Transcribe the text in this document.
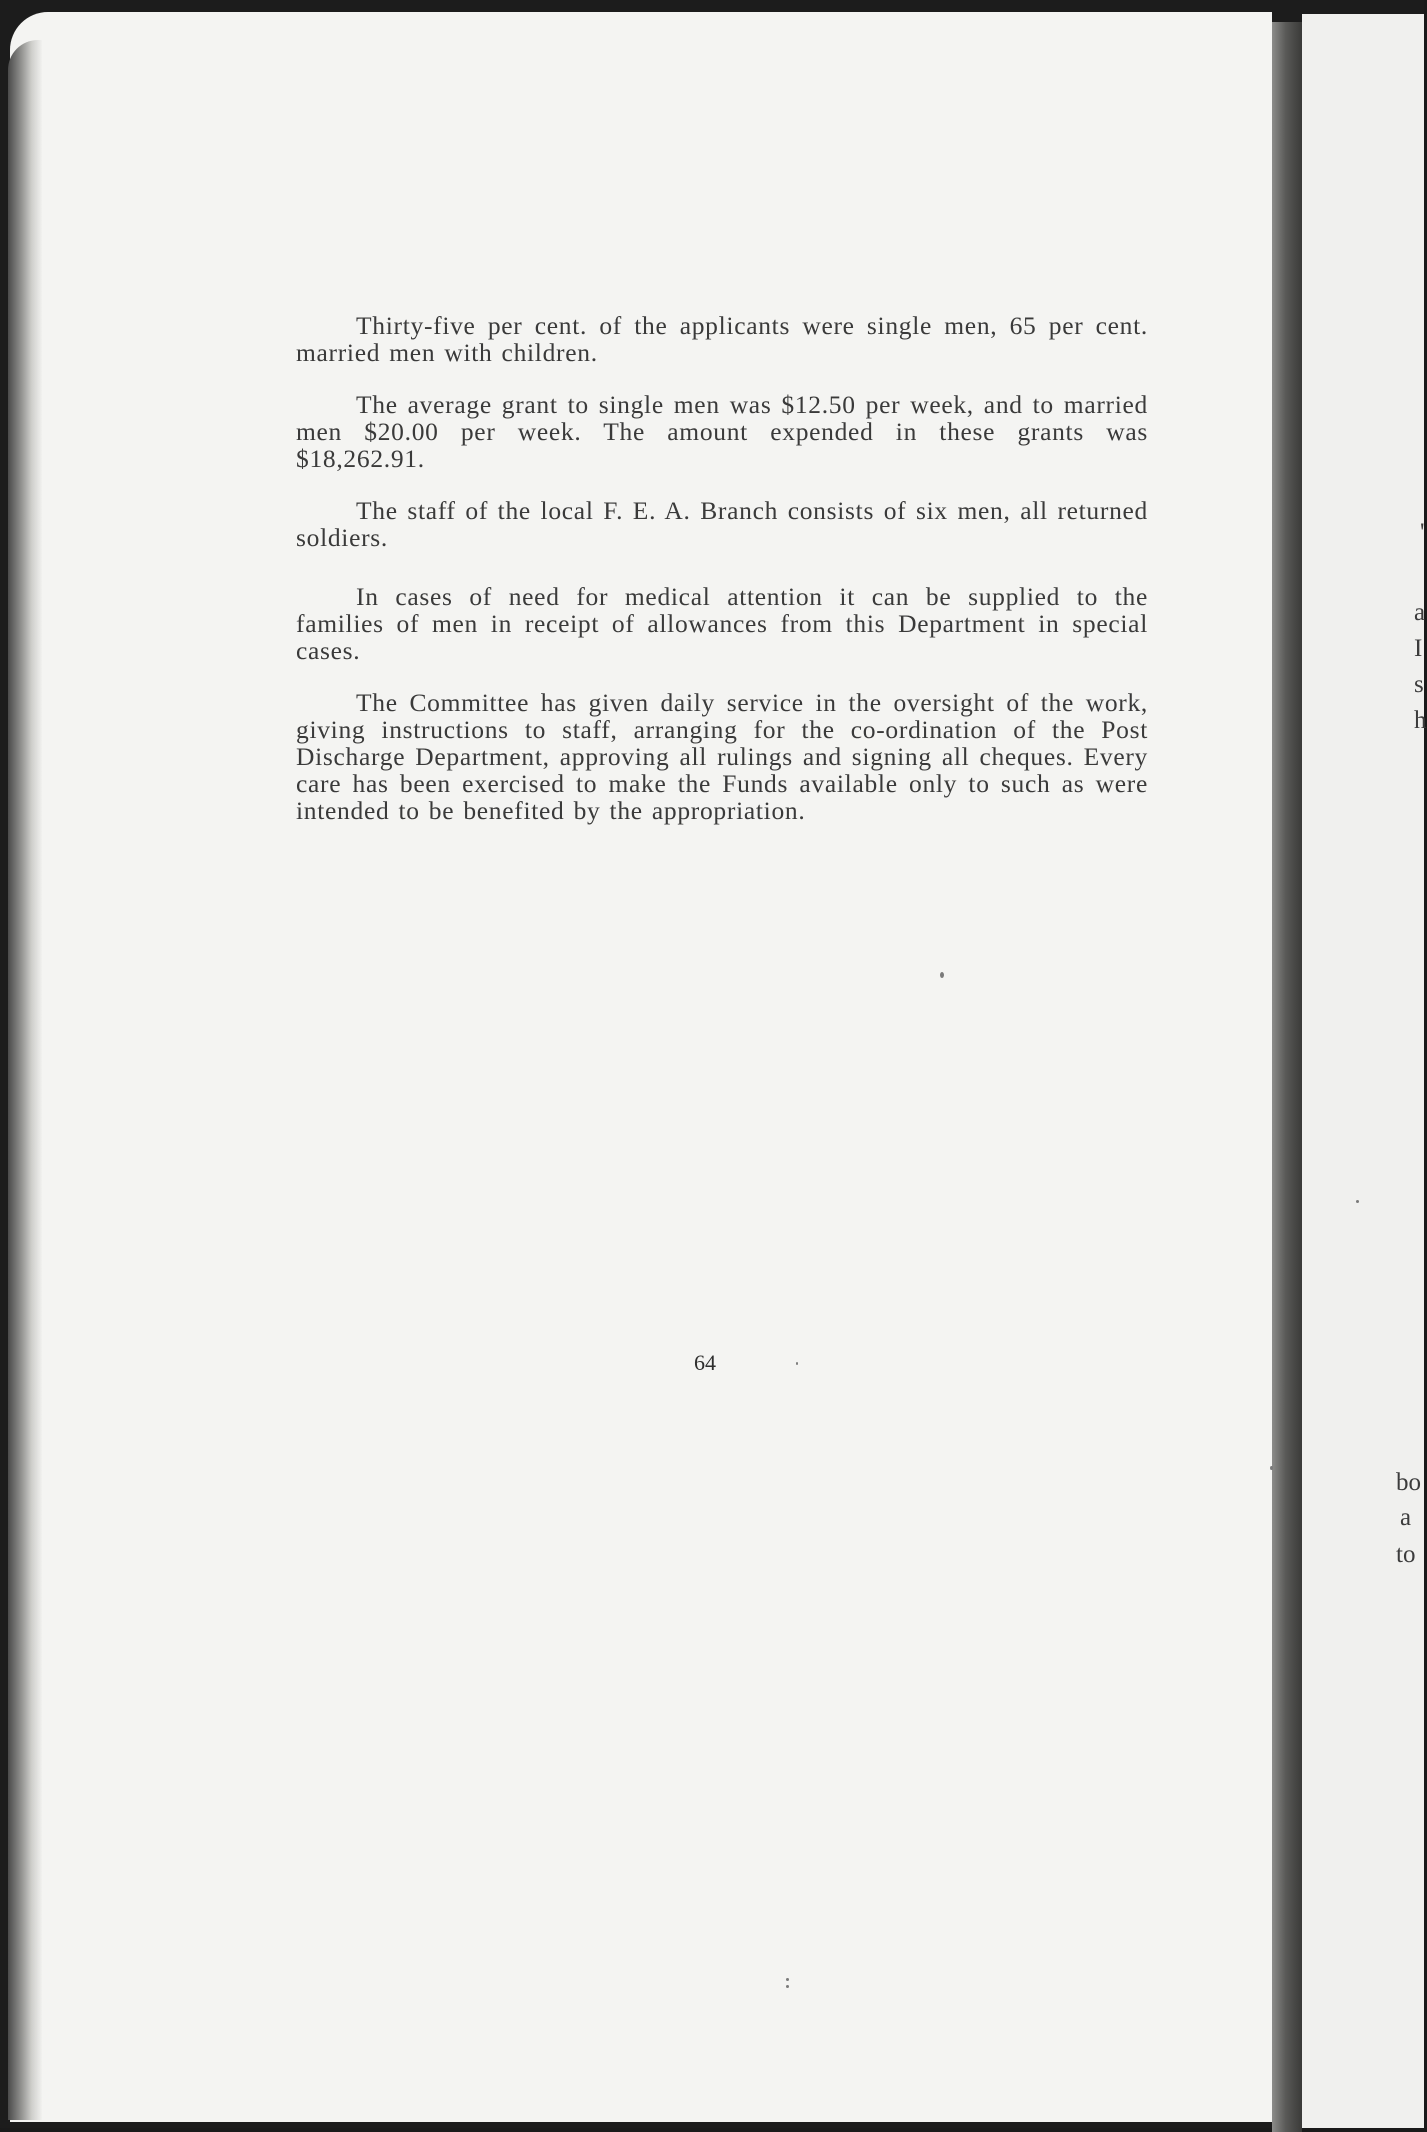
Thirty-five per cent. of the applicants were single men, 65 per cent. married men with children.

The average grant to single men was $12.50 per week, and to married men $20.00 per week. The amount expended in these grants was $18,262.91.

The staff of the local F. E. A. Branch consists of six men, all returned soldiers.

In cases of need for medical attention it can be supplied to the families of men in receipt of allowances from this Department in special cases.

The Committee has given daily service in the oversight of the work, giving instructions to staff, arranging for the co-ordination of the Post Discharge Department, approving all rulings and signing all cheques. Every care has been exercised to make the Funds available only to such as were intended to be benefited by the appropriation.

64
'
a
I
s
h
bo
a
to
